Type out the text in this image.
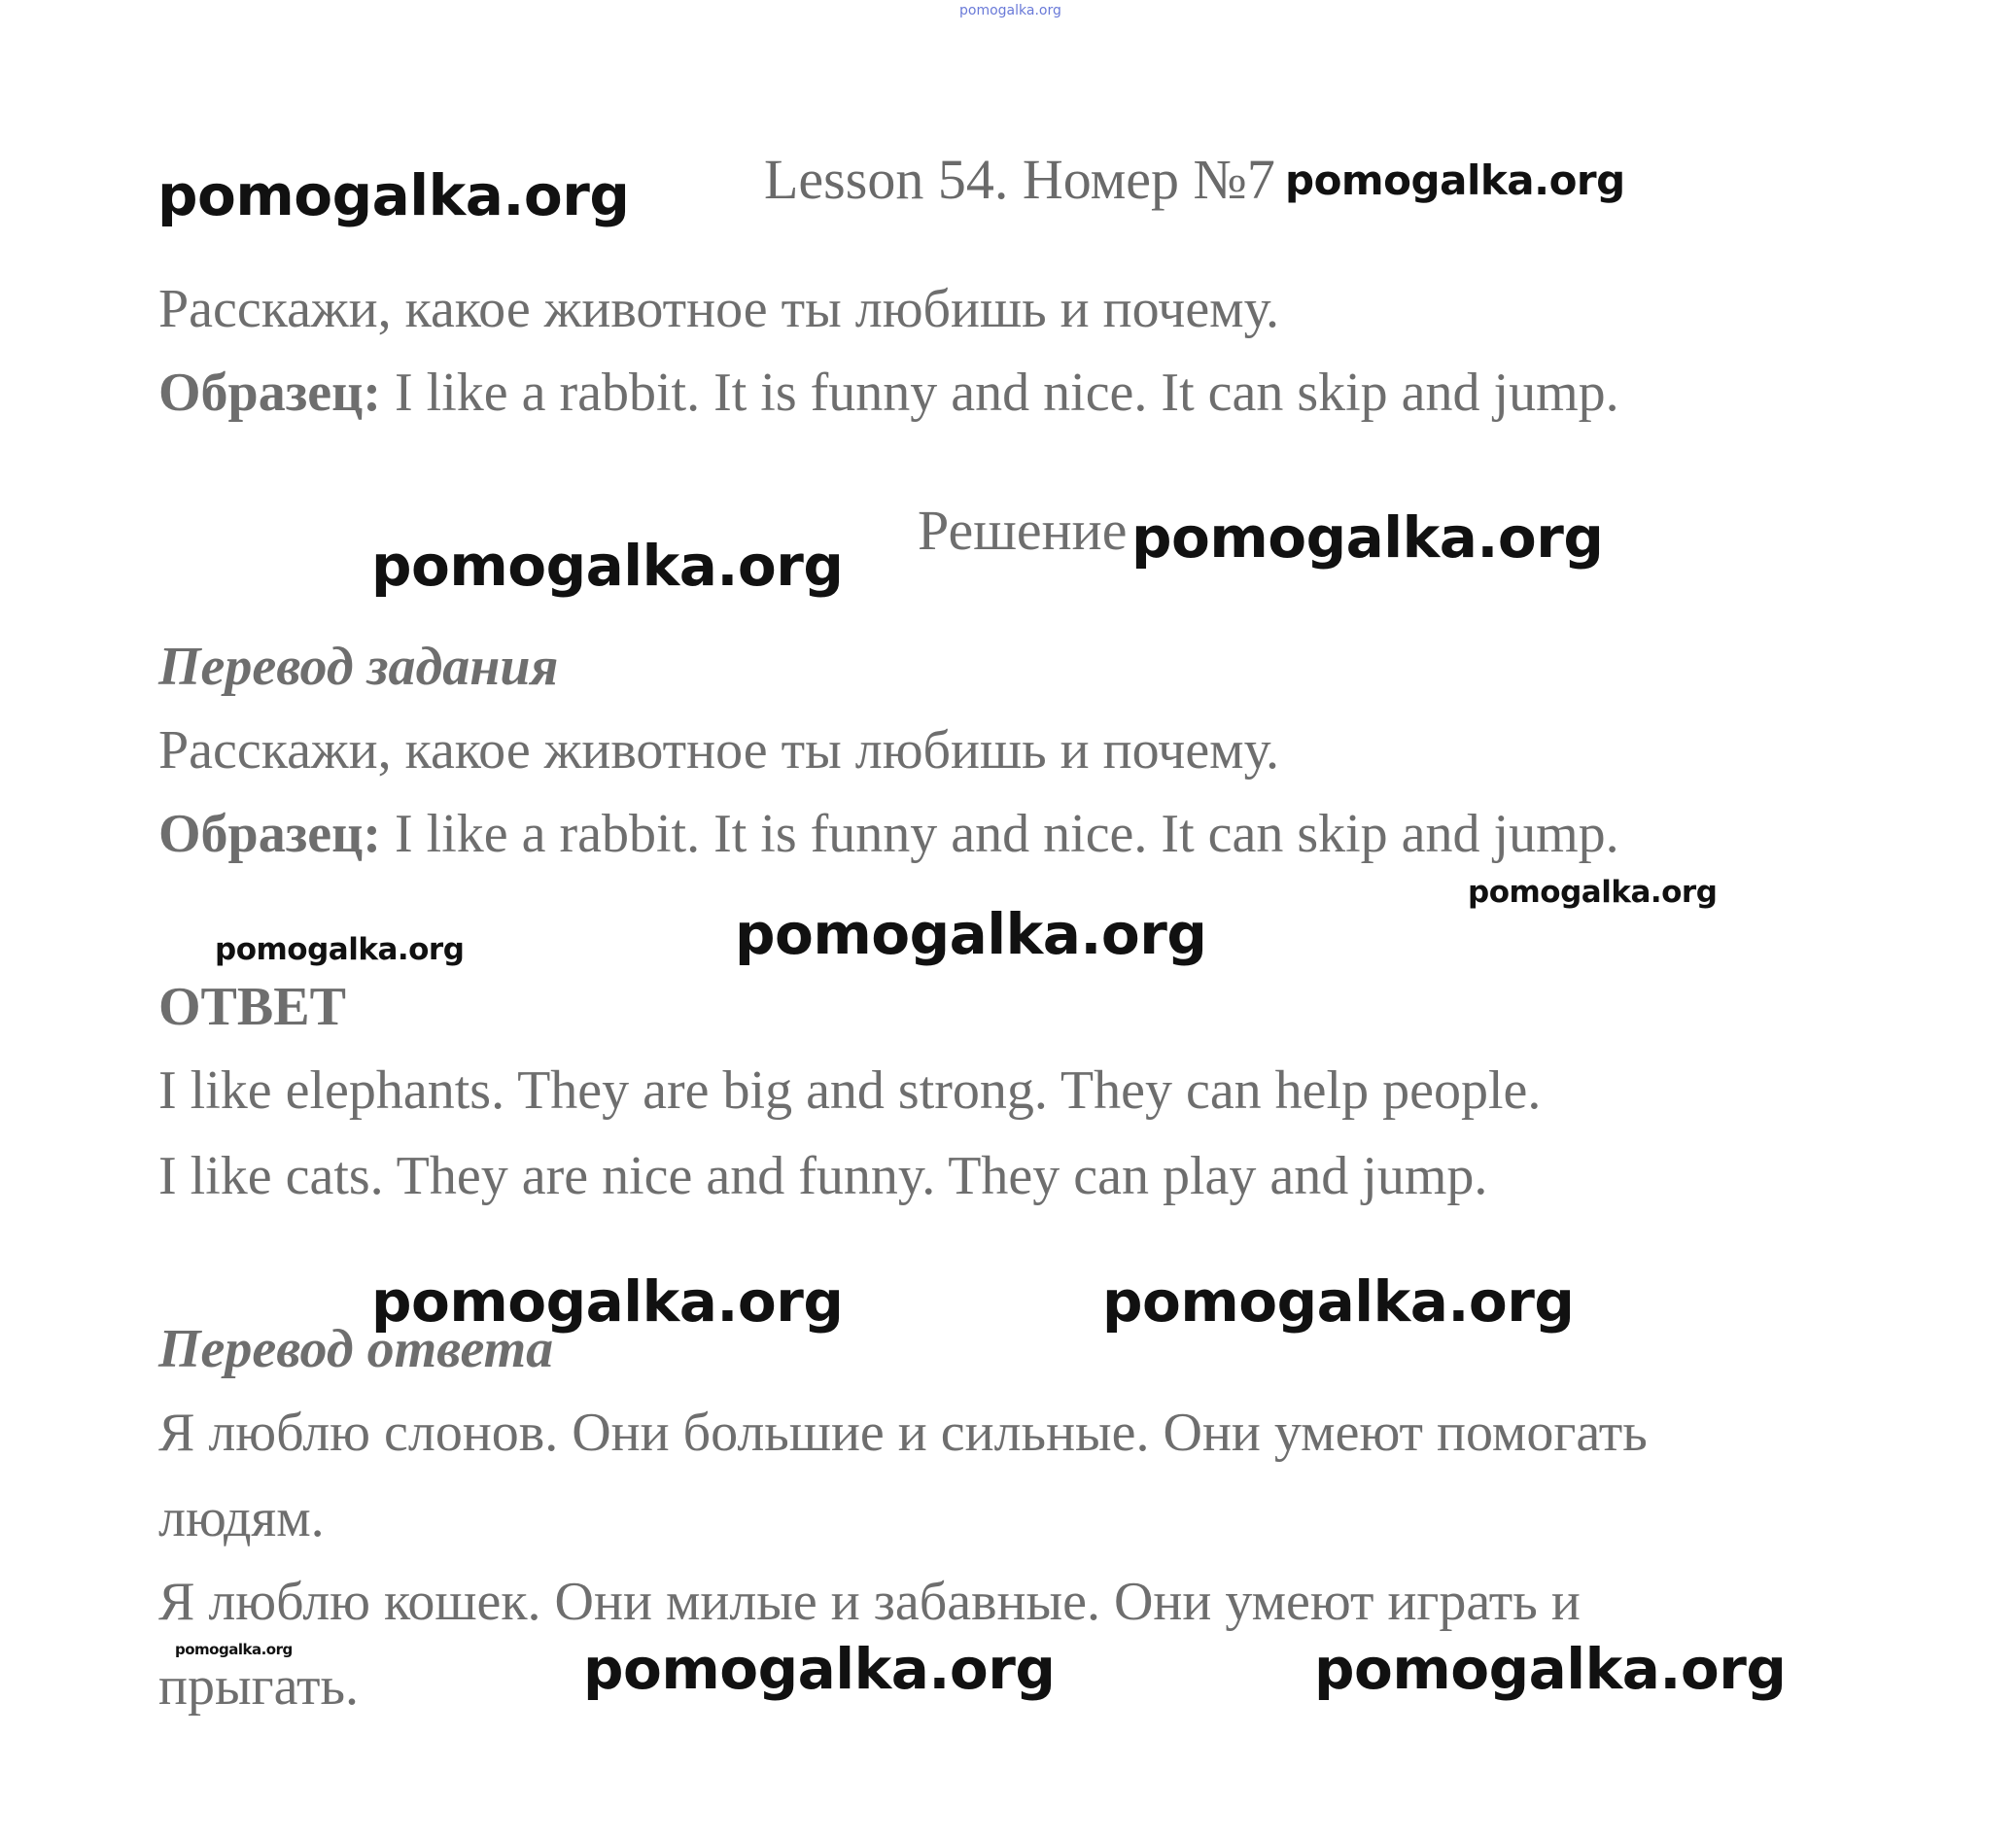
pomogalka.org
pomogalka.org Lesson 54. Номер №7 pomogalka.org
Расскажи, какое животное ты любишь и почему.
Образец: I like a rabbit. It is funny and nice. It can skip and jump.
pomogalka.org
Решение pomogalka.org
Перевод задания
Расскажи, какое животное ты любишь и почему.
Образец: I like a rabbit. It is funny and nice. It can skip and jump.
pomogalka.org
pomogalka.org
pomogalka.org
ОТВЕТ
I like elephants. They are big and strong. They can help people.
I like cats. They are nice and funny. They can play and jump.
Перевод ответа
pomogalka.org	pomogalka.org
Я люблю слонов. Они большие и сильные. Они умеют помогать
людям.
Я люблю кошек. Они милые и забавные. Они умеют играть и
pomogalka.org
прыгать.	pomogalka.org	pomogalka.org
